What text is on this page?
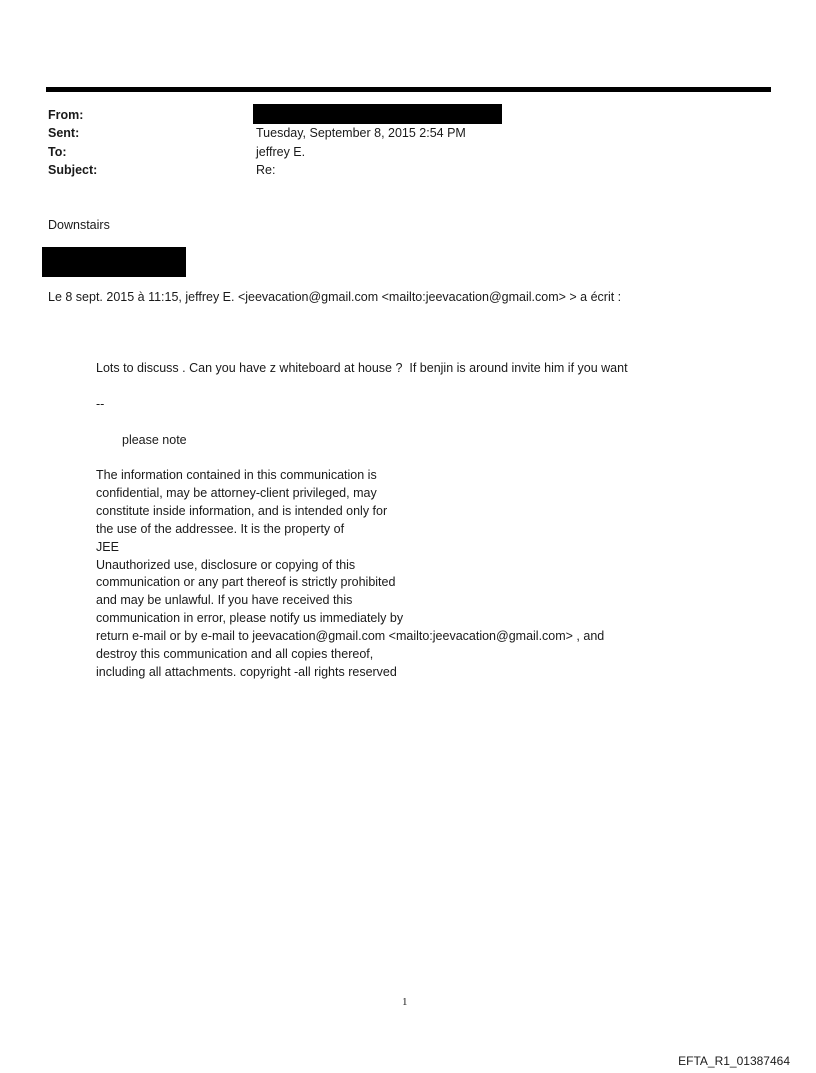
From:
Sent:	Tuesday, September 8, 2015 2:54 PM
To:	jeffrey E.
Subject:	Re:
Downstairs
Le 8 sept. 2015 à 11:15, jeffrey E. <jeevacation@gmail.com <mailto:jeevacation@gmail.com> > a écrit :
Lots to discuss . Can you have z whiteboard at house ?  If benjin is around invite him if you want
--
please note
The information contained in this communication is
confidential, may be attorney-client privileged, may
constitute inside information, and is intended only for
the use of the addressee. It is the property of
JEE
Unauthorized use, disclosure or copying of this
communication or any part thereof is strictly prohibited
and may be unlawful. If you have received this
communication in error, please notify us immediately by
return e-mail or by e-mail to jeevacation@gmail.com <mailto:jeevacation@gmail.com> , and
destroy this communication and all copies thereof,
including all attachments. copyright -all rights reserved
1
EFTA_R1_01387464
